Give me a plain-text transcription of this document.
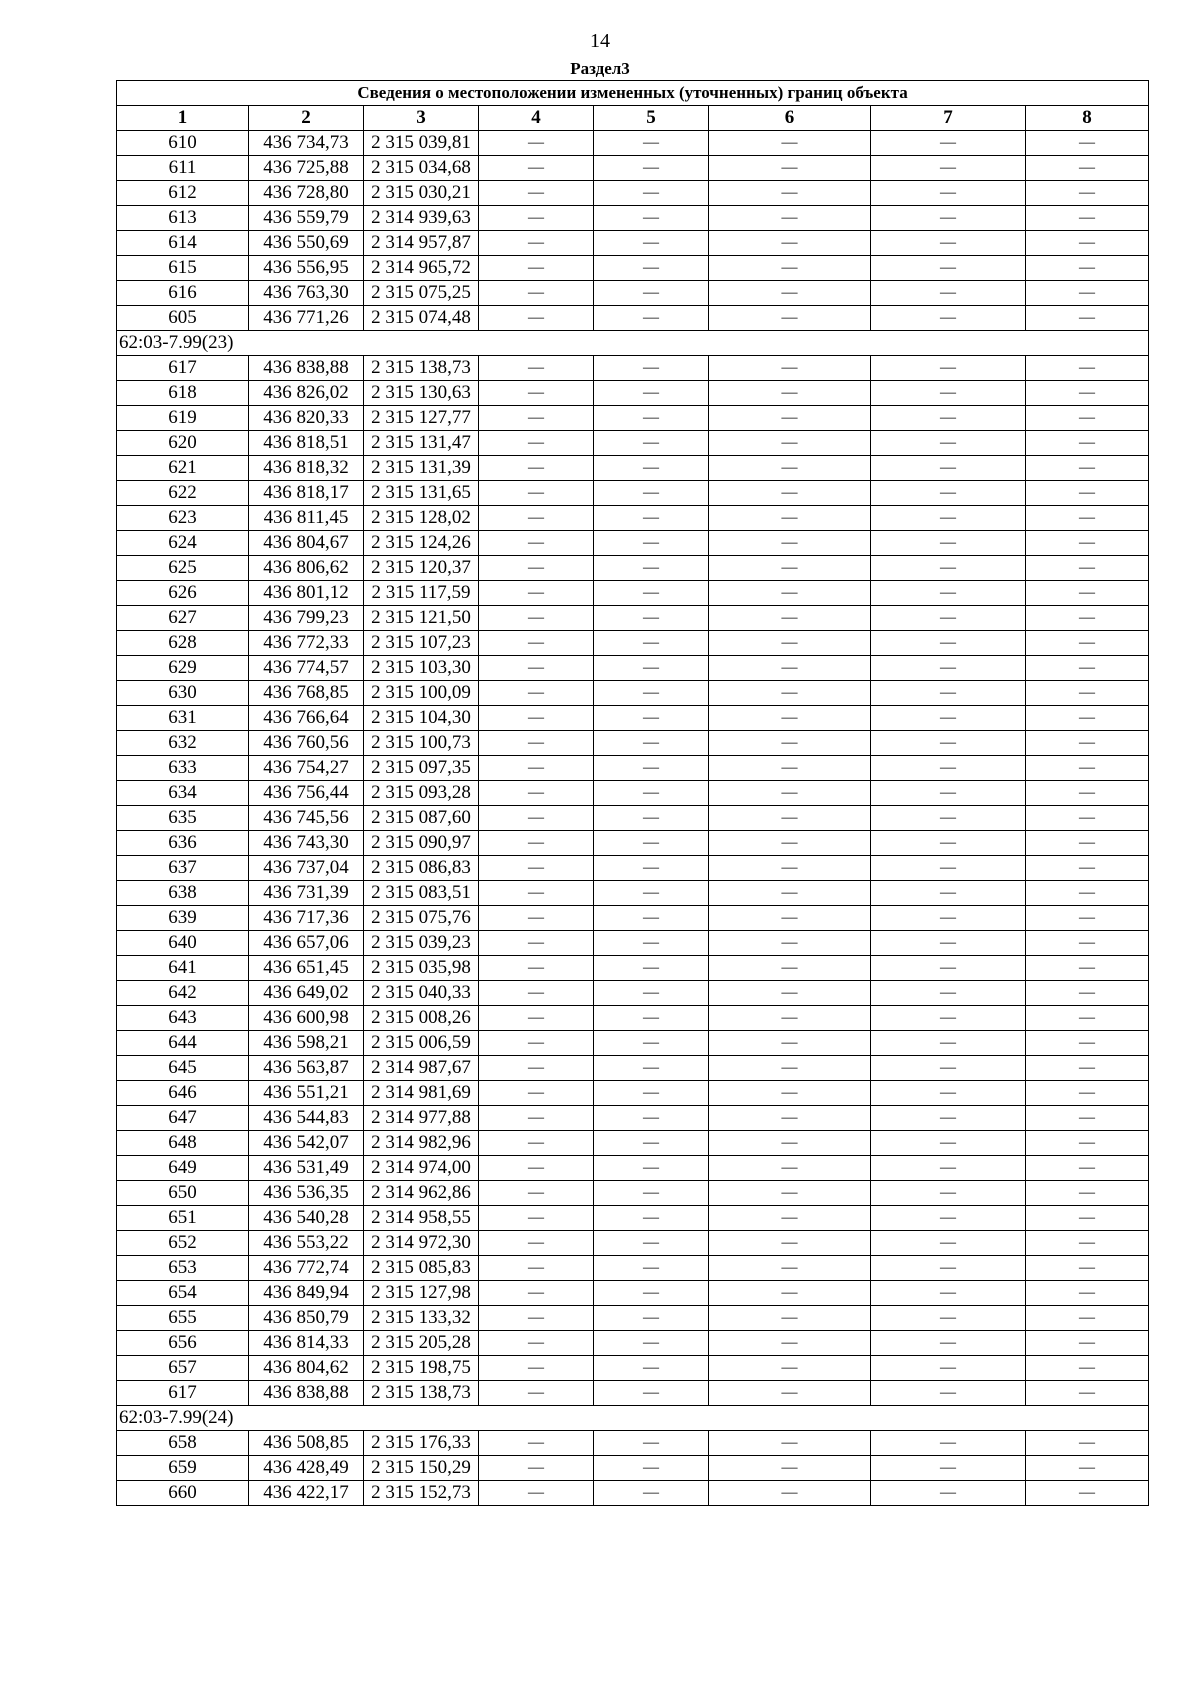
14
Раздел3
Сведения о местоположении измененных (уточненных) границ объекта							
1	2	3	4	5	6	7	8
610	436 734,73	2 315 039,81	—	—	—	—	—
611	436 725,88	2 315 034,68	—	—	—	—	—
612	436 728,80	2 315 030,21	—	—	—	—	—
613	436 559,79	2 314 939,63	—	—	—	—	—
614	436 550,69	2 314 957,87	—	—	—	—	—
615	436 556,95	2 314 965,72	—	—	—	—	—
616	436 763,30	2 315 075,25	—	—	—	—	—
605	436 771,26	2 315 074,48	—	—	—	—	—
62:03-7.99(23)							
617	436 838,88	2 315 138,73	—	—	—	—	—
618	436 826,02	2 315 130,63	—	—	—	—	—
619	436 820,33	2 315 127,77	—	—	—	—	—
620	436 818,51	2 315 131,47	—	—	—	—	—
621	436 818,32	2 315 131,39	—	—	—	—	—
622	436 818,17	2 315 131,65	—	—	—	—	—
623	436 811,45	2 315 128,02	—	—	—	—	—
624	436 804,67	2 315 124,26	—	—	—	—	—
625	436 806,62	2 315 120,37	—	—	—	—	—
626	436 801,12	2 315 117,59	—	—	—	—	—
627	436 799,23	2 315 121,50	—	—	—	—	—
628	436 772,33	2 315 107,23	—	—	—	—	—
629	436 774,57	2 315 103,30	—	—	—	—	—
630	436 768,85	2 315 100,09	—	—	—	—	—
631	436 766,64	2 315 104,30	—	—	—	—	—
632	436 760,56	2 315 100,73	—	—	—	—	—
633	436 754,27	2 315 097,35	—	—	—	—	—
634	436 756,44	2 315 093,28	—	—	—	—	—
635	436 745,56	2 315 087,60	—	—	—	—	—
636	436 743,30	2 315 090,97	—	—	—	—	—
637	436 737,04	2 315 086,83	—	—	—	—	—
638	436 731,39	2 315 083,51	—	—	—	—	—
639	436 717,36	2 315 075,76	—	—	—	—	—
640	436 657,06	2 315 039,23	—	—	—	—	—
641	436 651,45	2 315 035,98	—	—	—	—	—
642	436 649,02	2 315 040,33	—	—	—	—	—
643	436 600,98	2 315 008,26	—	—	—	—	—
644	436 598,21	2 315 006,59	—	—	—	—	—
645	436 563,87	2 314 987,67	—	—	—	—	—
646	436 551,21	2 314 981,69	—	—	—	—	—
647	436 544,83	2 314 977,88	—	—	—	—	—
648	436 542,07	2 314 982,96	—	—	—	—	—
649	436 531,49	2 314 974,00	—	—	—	—	—
650	436 536,35	2 314 962,86	—	—	—	—	—
651	436 540,28	2 314 958,55	—	—	—	—	—
652	436 553,22	2 314 972,30	—	—	—	—	—
653	436 772,74	2 315 085,83	—	—	—	—	—
654	436 849,94	2 315 127,98	—	—	—	—	—
655	436 850,79	2 315 133,32	—	—	—	—	—
656	436 814,33	2 315 205,28	—	—	—	—	—
657	436 804,62	2 315 198,75	—	—	—	—	—
617	436 838,88	2 315 138,73	—	—	—	—	—
62:03-7.99(24)							
658	436 508,85	2 315 176,33	—	—	—	—	—
659	436 428,49	2 315 150,29	—	—	—	—	—
660	436 422,17	2 315 152,73	—	—	—	—	—
